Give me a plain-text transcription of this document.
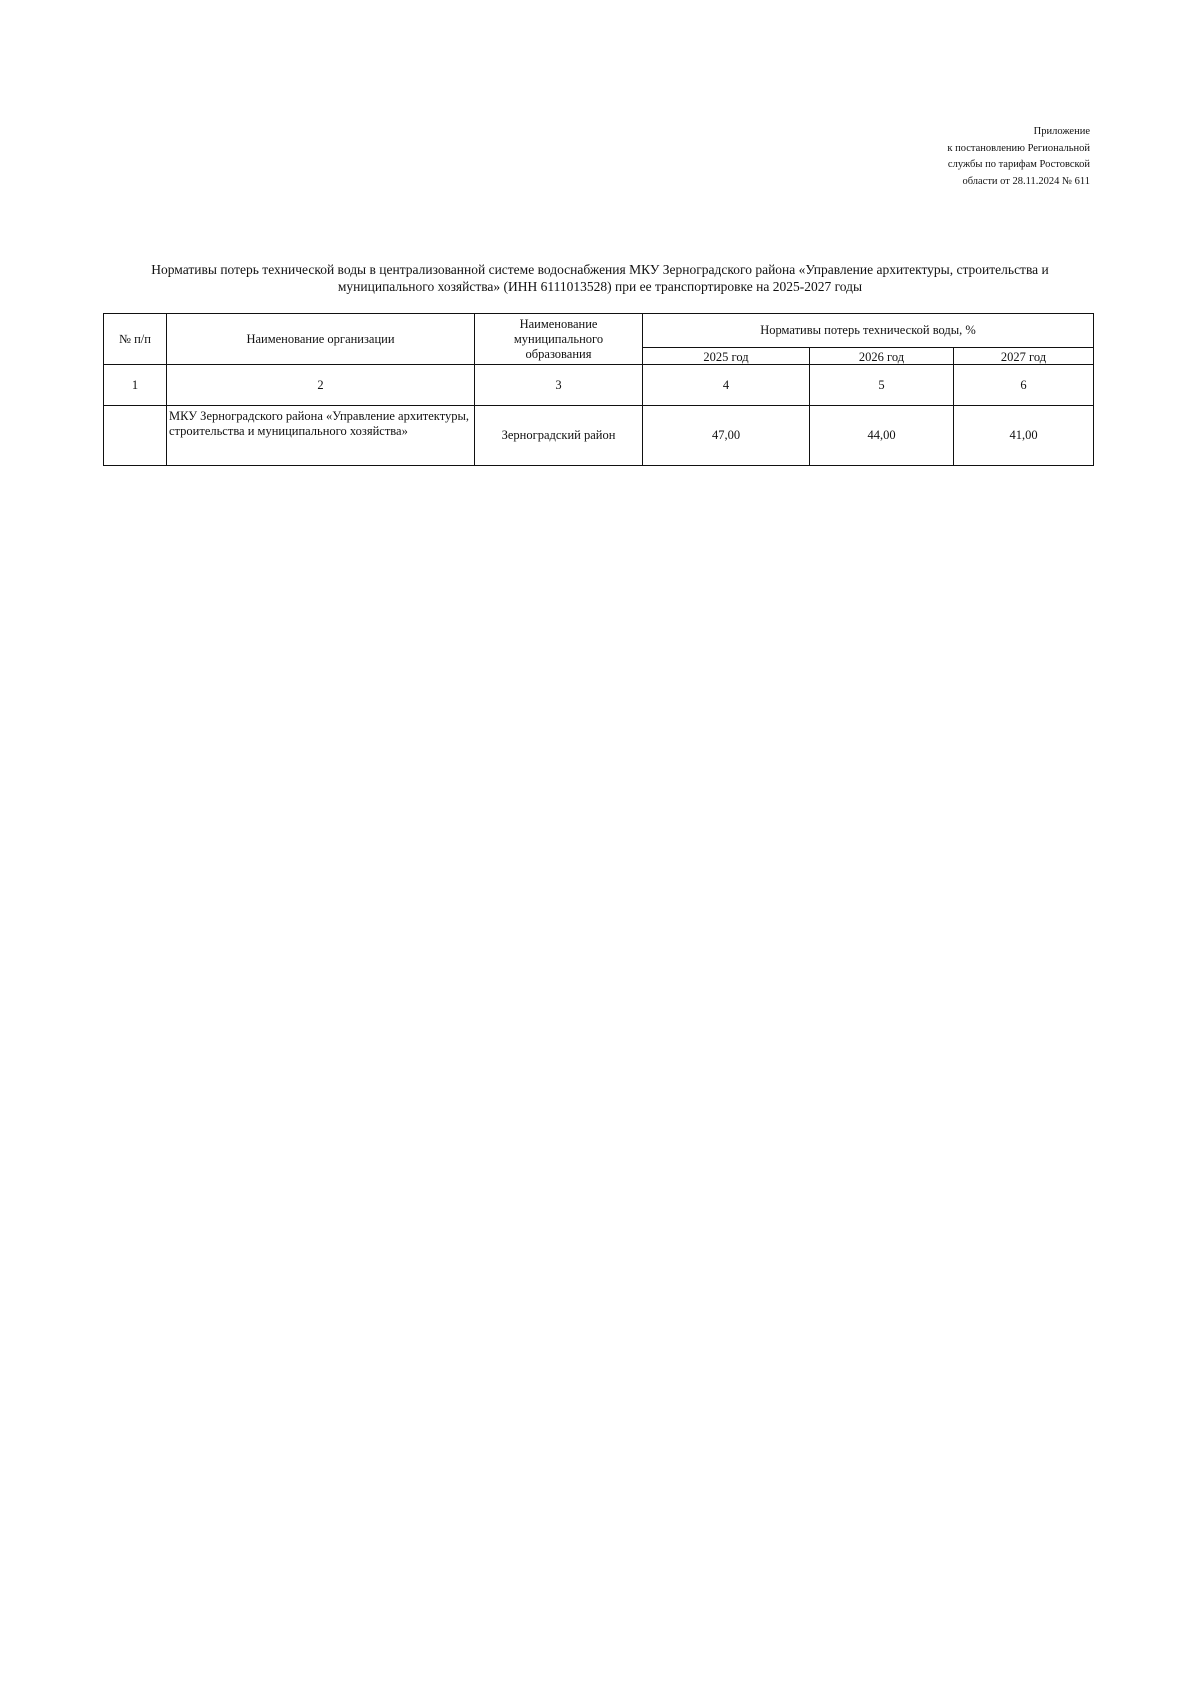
Приложение
к постановлению Региональной
службы по тарифам Ростовской
области от 28.11.2024 № 611
Нормативы потерь технической воды в централизованной системе водоснабжения МКУ Зерноградского района «Управление архитектуры, строительства и
муниципального хозяйства» (ИНН 6111013528) при ее транспортировке на 2025-2027 годы
№ п/п	Наименование организации	Наименование муниципального образования	Нормативы потерь технической воды, %		
			2025 год	2026 год	2027 год
1	2	3	4	5	6
	МКУ Зерноградского района «Управление архитектуры, строительства и муниципального хозяйства»	Зерноградский район	47,00	44,00	41,00
